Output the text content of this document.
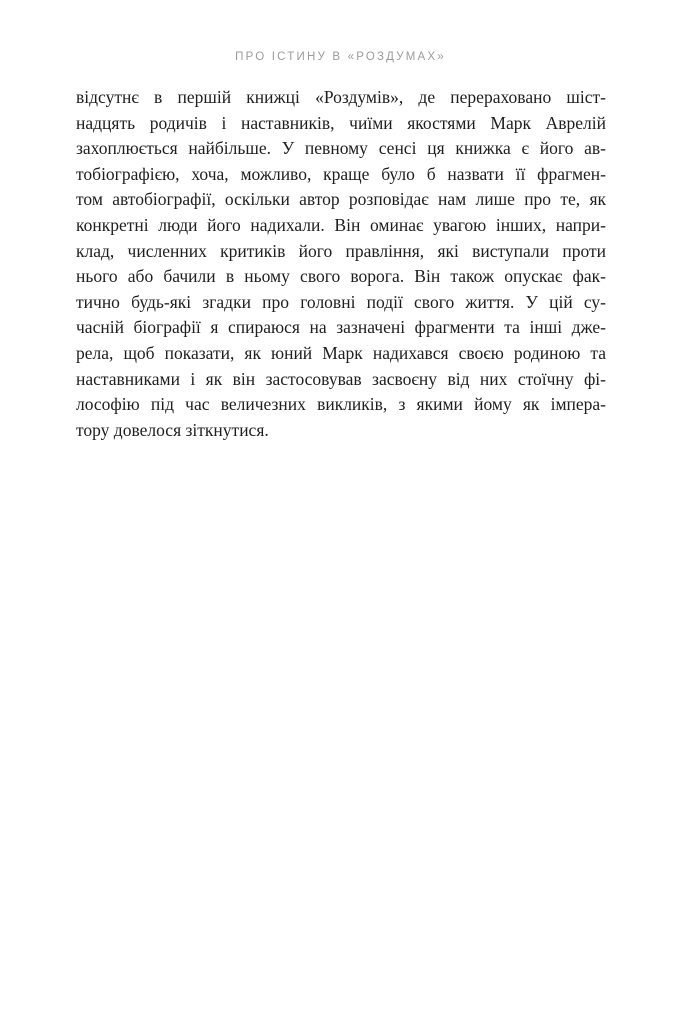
ПРО ІСТИНУ В «РОЗДУМАХ»
відсутнє в першій книжці «Роздумів», де перераховано шіст-
надцять родичів і наставників, чиїми якостями Марк Аврелій
захоплюється найбільше. У певному сенсі ця книжка є його ав-
тобіографією, хоча, можливо, краще було б назвати її фрагмен-
том автобіографії, оскільки автор розповідає нам лише про те, як
конкретні люди його надихали. Він оминає увагою інших, напри-
клад, численних критиків його правління, які виступали проти
нього або бачили в ньому свого ворога. Він також опускає фак-
тично будь-які згадки про головні події свого життя. У цій су-
часній біографії я спираюся на зазначені фрагменти та інші дже-
рела, щоб показати, як юний Марк надихався своєю родиною та
наставниками і як він застосовував засвоєну від них стоїчну фі-
лософію під час величезних викликів, з якими йому як імпера-
тору довелося зіткнутися.
